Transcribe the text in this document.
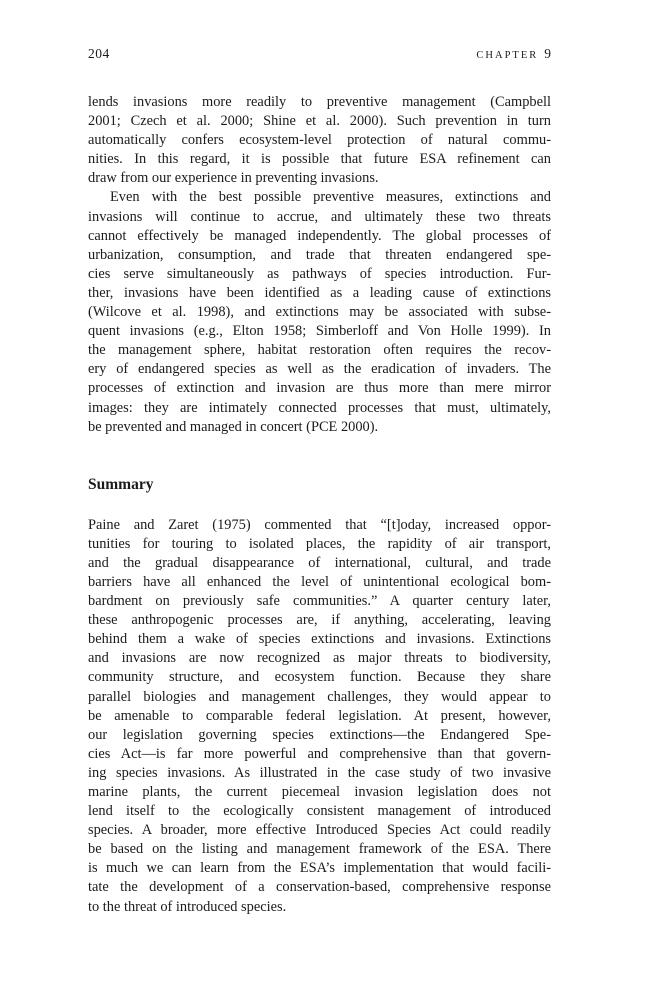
204	CHAPTER 9
lends invasions more readily to preventive management (Campbell
2001; Czech et al. 2000; Shine et al. 2000). Such prevention in turn
automatically confers ecosystem-level protection of natural commu-
nities. In this regard, it is possible that future ESA refinement can
draw from our experience in preventing invasions.
Even with the best possible preventive measures, extinctions and
invasions will continue to accrue, and ultimately these two threats
cannot effectively be managed independently. The global processes of
urbanization, consumption, and trade that threaten endangered spe-
cies serve simultaneously as pathways of species introduction. Fur-
ther, invasions have been identified as a leading cause of extinctions
(Wilcove et al. 1998), and extinctions may be associated with subse-
quent invasions (e.g., Elton 1958; Simberloff and Von Holle 1999). In
the management sphere, habitat restoration often requires the recov-
ery of endangered species as well as the eradication of invaders. The
processes of extinction and invasion are thus more than mere mirror
images: they are intimately connected processes that must, ultimately,
be prevented and managed in concert (PCE 2000).
Summary
Paine and Zaret (1975) commented that “[t]oday, increased oppor-
tunities for touring to isolated places, the rapidity of air transport,
and the gradual disappearance of international, cultural, and trade
barriers have all enhanced the level of unintentional ecological bom-
bardment on previously safe communities.” A quarter century later,
these anthropogenic processes are, if anything, accelerating, leaving
behind them a wake of species extinctions and invasions. Extinctions
and invasions are now recognized as major threats to biodiversity,
community structure, and ecosystem function. Because they share
parallel biologies and management challenges, they would appear to
be amenable to comparable federal legislation. At present, however,
our legislation governing species extinctions—the Endangered Spe-
cies Act—is far more powerful and comprehensive than that govern-
ing species invasions. As illustrated in the case study of two invasive
marine plants, the current piecemeal invasion legislation does not
lend itself to the ecologically consistent management of introduced
species. A broader, more effective Introduced Species Act could readily
be based on the listing and management framework of the ESA. There
is much we can learn from the ESA’s implementation that would facili-
tate the development of a conservation-based, comprehensive response
to the threat of introduced species.
